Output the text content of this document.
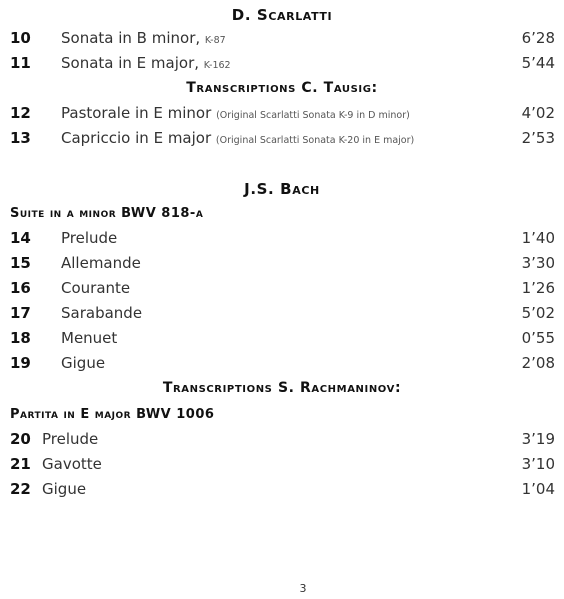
D. Scarlatti
10 Sonata in B minor, K-87	6’28
11 Sonata in E major, K-162	5’44
Transcriptions C. Tausig:
12 Pastorale in E minor (Original Scarlatti Sonata K-9 in D minor)	4’02
13 Capriccio in E major (Original Scarlatti Sonata K-20 in E major)	2’53
J.S. Bach
Suite in a minor BWV 818-a
14 Prelude	1’40
15 Allemande	3’30
16 Courante	1’26
17 Sarabande	5’02
18 Menuet	0’55
19 Gigue	2’08
Transcriptions S. Rachmaninov:
Partita in E major BWV 1006
20 Prelude	3’19
21 Gavotte	3’10
22 Gigue	1’04
3
